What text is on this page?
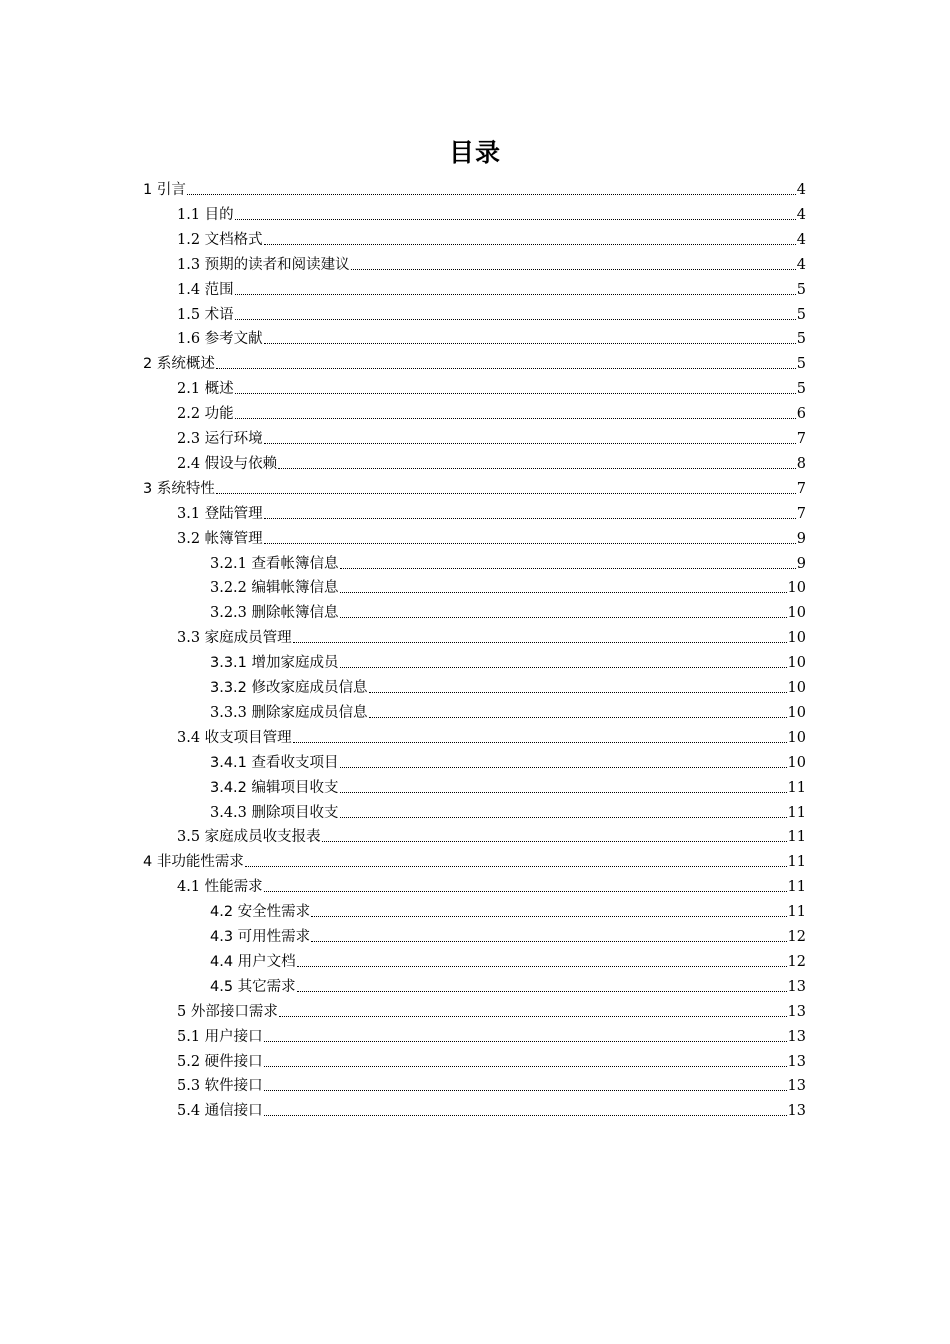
目录
1 引言	4
1.1 目的	4
1.2 文档格式	4
1.3 预期的读者和阅读建议	4
1.4 范围	5
1.5 术语	5
1.6 参考文献	5
2 系统概述	5
2.1 概述	5
2.2 功能	6
2.3 运行环境	7
2.4 假设与依赖	8
3 系统特性	7
3.1 登陆管理	7
3.2 帐簿管理	9
3.2.1 查看帐簿信息	9
3.2.2 编辑帐簿信息	10
3.2.3 删除帐簿信息	10
3.3 家庭成员管理	10
3.3.1 增加家庭成员	10
3.3.2 修改家庭成员信息	10
3.3.3 删除家庭成员信息	10
3.4 收支项目管理	10
3.4.1 查看收支项目	10
3.4.2 编辑项目收支	11
3.4.3 删除项目收支	11
3.5 家庭成员收支报表	11
4 非功能性需求	11
4.1 性能需求	11
4.2 安全性需求	11
4.3 可用性需求	12
4.4 用户文档	12
4.5 其它需求	13
5 外部接口需求	13
5.1 用户接口	13
5.2 硬件接口	13
5.3 软件接口	13
5.4 通信接口	13
